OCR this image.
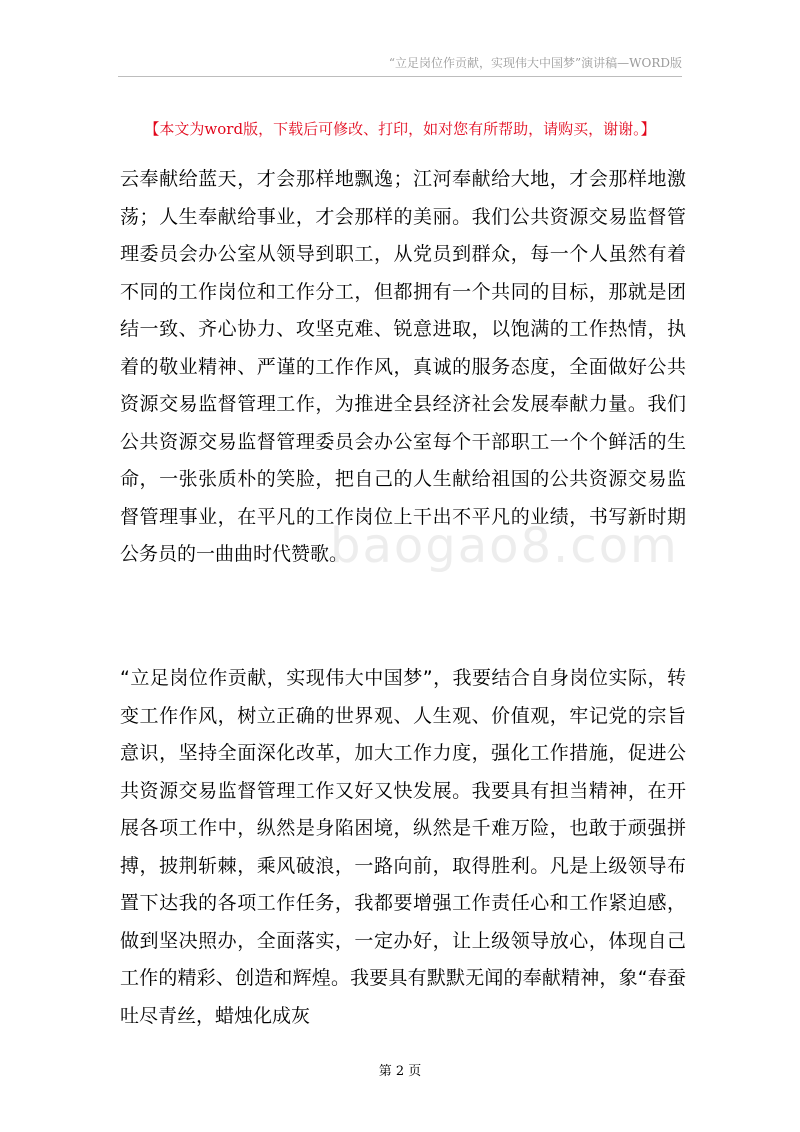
“立足岗位作贡献，实现伟大中国梦”演讲稿—WORD版
【本文为word版，下载后可修改、打印，如对您有所帮助，请购买，谢谢。】
baogao8.com
云奉献给蓝天，才会那样地飘逸；江河奉献给大地，才会那样地激荡；人生奉献给事业，才会那样的美丽。我们公共资源交易监督管理委员会办公室从领导到职工，从党员到群众，每一个人虽然有着不同的工作岗位和工作分工，但都拥有一个共同的目标，那就是团结一致、齐心协力、攻坚克难、锐意进取，以饱满的工作热情，执着的敬业精神、严谨的工作作风，真诚的服务态度，全面做好公共资源交易监督管理工作，为推进全县经济社会发展奉献力量。我们公共资源交易监督管理委员会办公室每个干部职工一个个鲜活的生命，一张张质朴的笑脸，把自己的人生献给祖国的公共资源交易监督管理事业，在平凡的工作岗位上干出不平凡的业绩，书写新时期公务员的一曲曲时代赞歌。
“立足岗位作贡献，实现伟大中国梦”，我要结合自身岗位实际，转变工作作风，树立正确的世界观、人生观、价值观，牢记党的宗旨意识，坚持全面深化改革，加大工作力度，强化工作措施，促进公共资源交易监督管理工作又好又快发展。我要具有担当精神，在开展各项工作中，纵然是身陷困境，纵然是千难万险，也敢于顽强拼搏，披荆斩棘，乘风破浪，一路向前，取得胜利。凡是上级领导布置下达我的各项工作任务，我都要增强工作责任心和工作紧迫感，做到坚决照办，全面落实，一定办好，让上级领导放心，体现自己工作的精彩、创造和辉煌。我要具有默默无闻的奉献精神，象“春蚕吐尽青丝，蜡烛化成灰
第 2 页
